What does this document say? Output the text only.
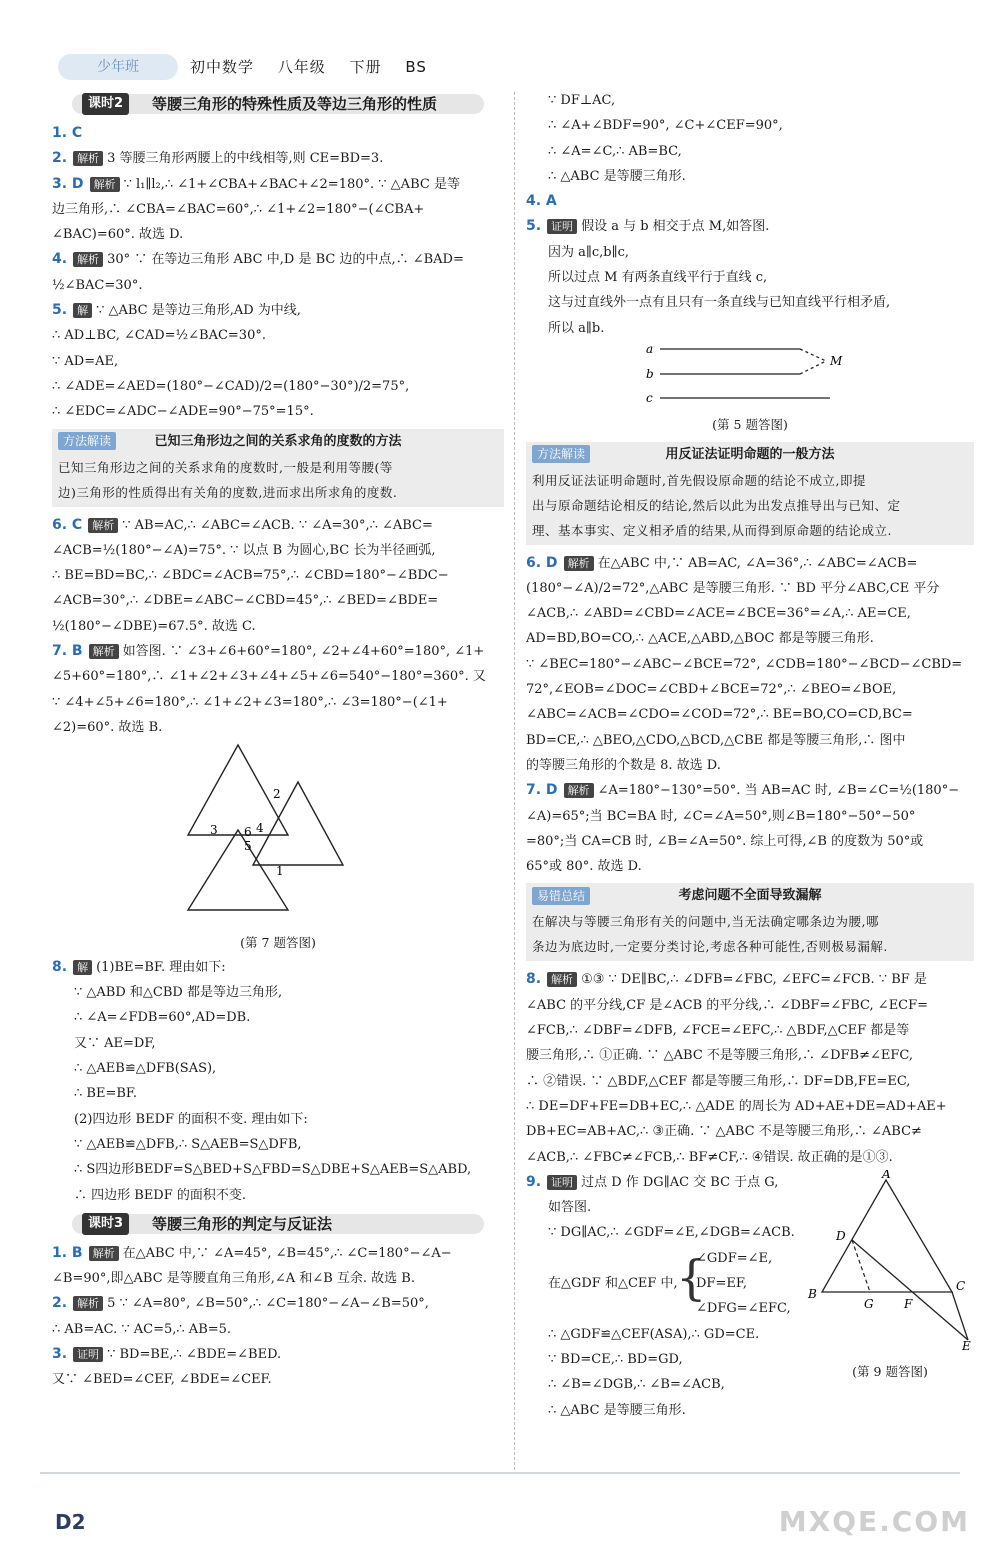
少年班	初中数学 八年级 下册 BS
课时2	等腰三角形的特殊性质及等边三角形的性质
1. C
2. 解析 3 等腰三角形两腰上的中线相等,则 CE=BD=3.
3. D 解析 ∵ l₁∥l₂,∴ ∠1+∠CBA+∠BAC+∠2=180°. ∵ △ABC 是等
边三角形,∴ ∠CBA=∠BAC=60°,∴ ∠1+∠2=180°−(∠CBA+
∠BAC)=60°. 故选 D.
4. 解析 30° ∵ 在等边三角形 ABC 中,D 是 BC 边的中点,∴ ∠BAD=
½∠BAC=30°.
5. 解 ∵ △ABC 是等边三角形,AD 为中线,
∴ AD⊥BC, ∠CAD=½∠BAC=30°.
∵ AD=AE,
∴ ∠ADE=∠AED=(180°−∠CAD)/2=(180°−30°)/2=75°,
∴ ∠EDC=∠ADC−∠ADE=90°−75°=15°.
方法解读	已知三角形边之间的关系求角的度数的方法
已知三角形边之间的关系求角的度数时,一般是利用等腰(等
边)三角形的性质得出有关角的度数,进而求出所求角的度数.
6. C 解析 ∵ AB=AC,∴ ∠ABC=∠ACB. ∵ ∠A=30°,∴ ∠ABC=
∠ACB=½(180°−∠A)=75°. ∵ 以点 B 为圆心,BC 长为半径画弧,
∴ BE=BD=BC,∴ ∠BDC=∠ACB=75°,∴ ∠CBD=180°−∠BDC−
∠ACB=30°,∴ ∠DBE=∠ABC−∠CBD=45°,∴ ∠BED=∠BDE=
½(180°−∠DBE)=67.5°. 故选 C.
7. B 解析 如答图. ∵ ∠3+∠6+60°=180°, ∠2+∠4+60°=180°, ∠1+
∠5+60°=180°,∴ ∠1+∠2+∠3+∠4+∠5+∠6=540°−180°=360°. 又
∵ ∠4+∠5+∠6=180°,∴ ∠1+∠2+∠3=180°,∴ ∠3=180°−(∠1+
∠2)=60°. 故选 B.
2
3	4
6
5
1
(第 7 题答图)
8. 解 (1)BE=BF. 理由如下:
∵ △ABD 和△CBD 都是等边三角形,
∴ ∠A=∠FDB=60°,AD=DB.
又∵ AE=DF,
∴ △AEB≌△DFB(SAS),
∴ BE=BF.
(2)四边形 BEDF 的面积不变. 理由如下:
∵ △AEB≌△DFB,∴ S△AEB=S△DFB,
∴ S四边形BEDF=S△BED+S△FBD=S△DBE+S△AEB=S△ABD,
∴ 四边形 BEDF 的面积不变.
课时3	等腰三角形的判定与反证法
1. B 解析 在△ABC 中,∵ ∠A=45°, ∠B=45°,∴ ∠C=180°−∠A−
∠B=90°,即△ABC 是等腰直角三角形,∠A 和∠B 互余. 故选 B.
2. 解析 5 ∵ ∠A=80°, ∠B=50°,∴ ∠C=180°−∠A−∠B=50°,
∴ AB=AC. ∵ AC=5,∴ AB=5.
3. 证明 ∵ BD=BE,∴ ∠BDE=∠BED.
又∵ ∠BED=∠CEF, ∠BDE=∠CEF.
∵ DF⊥AC,
∴ ∠A+∠BDF=90°, ∠C+∠CEF=90°,
∴ ∠A=∠C,∴ AB=BC,
∴ △ABC 是等腰三角形.
4. A
5. 证明 假设 a 与 b 相交于点 M,如答图.
因为 a∥c,b∥c,
所以过点 M 有两条直线平行于直线 c,
这与过直线外一点有且只有一条直线与已知直线平行相矛盾,
所以 a∥b.
a
b
c
M
(第 5 题答图)
方法解读	用反证法证明命题的一般方法
利用反证法证明命题时,首先假设原命题的结论不成立,即提
出与原命题结论相反的结论,然后以此为出发点推导出与已知、定
理、基本事实、定义相矛盾的结果,从而得到原命题的结论成立.
6. D 解析 在△ABC 中,∵ AB=AC, ∠A=36°,∴ ∠ABC=∠ACB=
(180°−∠A)/2=72°,△ABC 是等腰三角形. ∵ BD 平分∠ABC,CE 平分
∠ACB,∴ ∠ABD=∠CBD=∠ACE=∠BCE=36°=∠A,∴ AE=CE,
AD=BD,BO=CO,∴ △ACE,△ABD,△BOC 都是等腰三角形.
∵ ∠BEC=180°−∠ABC−∠BCE=72°, ∠CDB=180°−∠BCD−∠CBD=
72°,∠EOB=∠DOC=∠CBD+∠BCE=72°,∴ ∠BEO=∠BOE,
∠ABC=∠ACB=∠CDO=∠COD=72°,∴ BE=BO,CO=CD,BC=
BD=CE,∴ △BEO,△CDO,△BCD,△CBE 都是等腰三角形,∴ 图中
的等腰三角形的个数是 8. 故选 D.
7. D 解析 ∠A=180°−130°=50°. 当 AB=AC 时, ∠B=∠C=½(180°−
∠A)=65°;当 BC=BA 时, ∠C=∠A=50°,则∠B=180°−50°−50°
=80°;当 CA=CB 时, ∠B=∠A=50°. 综上可得,∠B 的度数为 50°或
65°或 80°. 故选 D.
易错总结	考虑问题不全面导致漏解
在解决与等腰三角形有关的问题中,当无法确定哪条边为腰,哪
条边为底边时,一定要分类讨论,考虑各种可能性,否则极易漏解.
8. 解析 ①③ ∵ DE∥BC,∴ ∠DFB=∠FBC, ∠EFC=∠FCB. ∵ BF 是
∠ABC 的平分线,CF 是∠ACB 的平分线,∴ ∠DBF=∠FBC, ∠ECF=
∠FCB,∴ ∠DBF=∠DFB, ∠FCE=∠EFC,∴ △BDF,△CEF 都是等
腰三角形,∴ ①正确. ∵ △ABC 不是等腰三角形,∴ ∠DFB≠∠EFC,
∴ ②错误. ∵ △BDF,△CEF 都是等腰三角形,∴ DF=DB,FE=EC,
∴ DE=DF+FE=DB+EC,∴ △ADE 的周长为 AD+AE+DE=AD+AE+
DB+EC=AB+AC,∴ ③正确. ∵ △ABC 不是等腰三角形,∴ ∠ABC≠
∠ACB,∴ ∠FBC≠∠FCB,∴ BF≠CF,∴ ④错误. 故正确的是①③.
9. 证明 过点 D 作 DG∥AC 交 BC 于点 G,
如答图.
∵ DG∥AC,∴ ∠GDF=∠E,∠DGB=∠ACB.
在△GDF 和△CEF 中,
{
∠GDF=∠E,
DF=EF,
∠DFG=∠EFC,
∴ △GDF≌△CEF(ASA),∴ GD=CE.
∵ BD=CE,∴ BD=GD,
∴ ∠B=∠DGB,∴ ∠B=∠ACB,
∴ △ABC 是等腰三角形.
A
B
C
D
E
F
G
(第 9 题答图)
D2	MXQE.COM
